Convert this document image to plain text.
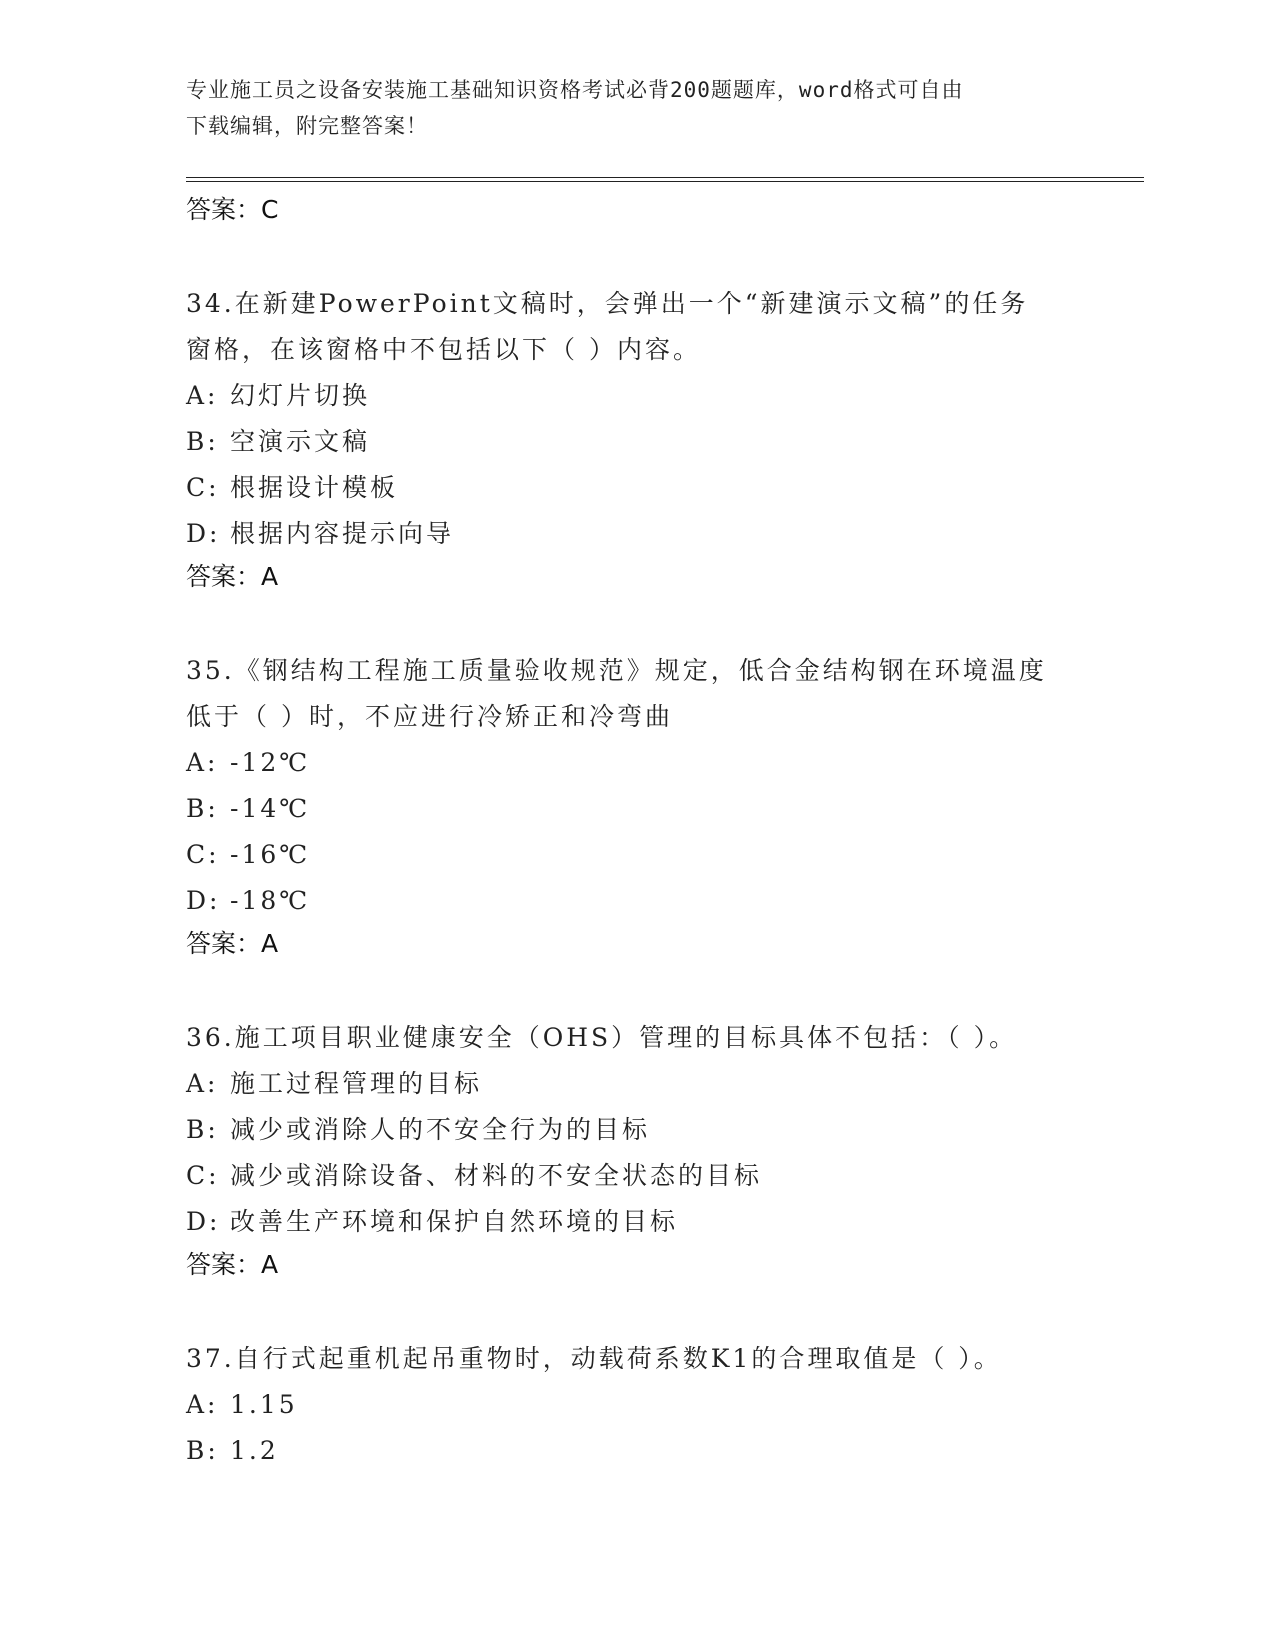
专业施工员之设备安装施工基础知识资格考试必背200题题库，word格式可自由
下载编辑，附完整答案！
答案：C
34.在新建PowerPoint文稿时，会弹出一个“新建演示文稿”的任务
窗格，在该窗格中不包括以下（ ）内容。
A: 幻灯片切换
B: 空演示文稿
C: 根据设计模板
D: 根据内容提示向导
答案：A
35.《钢结构工程施工质量验收规范》规定，低合金结构钢在环境温度
低于（ ）时，不应进行冷矫正和冷弯曲
A: -12℃
B: -14℃
C: -16℃
D: -18℃
答案：A
36.施工项目职业健康安全（OHS）管理的目标具体不包括：（ ）。
A: 施工过程管理的目标
B: 减少或消除人的不安全行为的目标
C: 减少或消除设备、材料的不安全状态的目标
D: 改善生产环境和保护自然环境的目标
答案：A
37.自行式起重机起吊重物时，动载荷系数K1的合理取值是（ ）。
A: 1.15
B: 1.2
